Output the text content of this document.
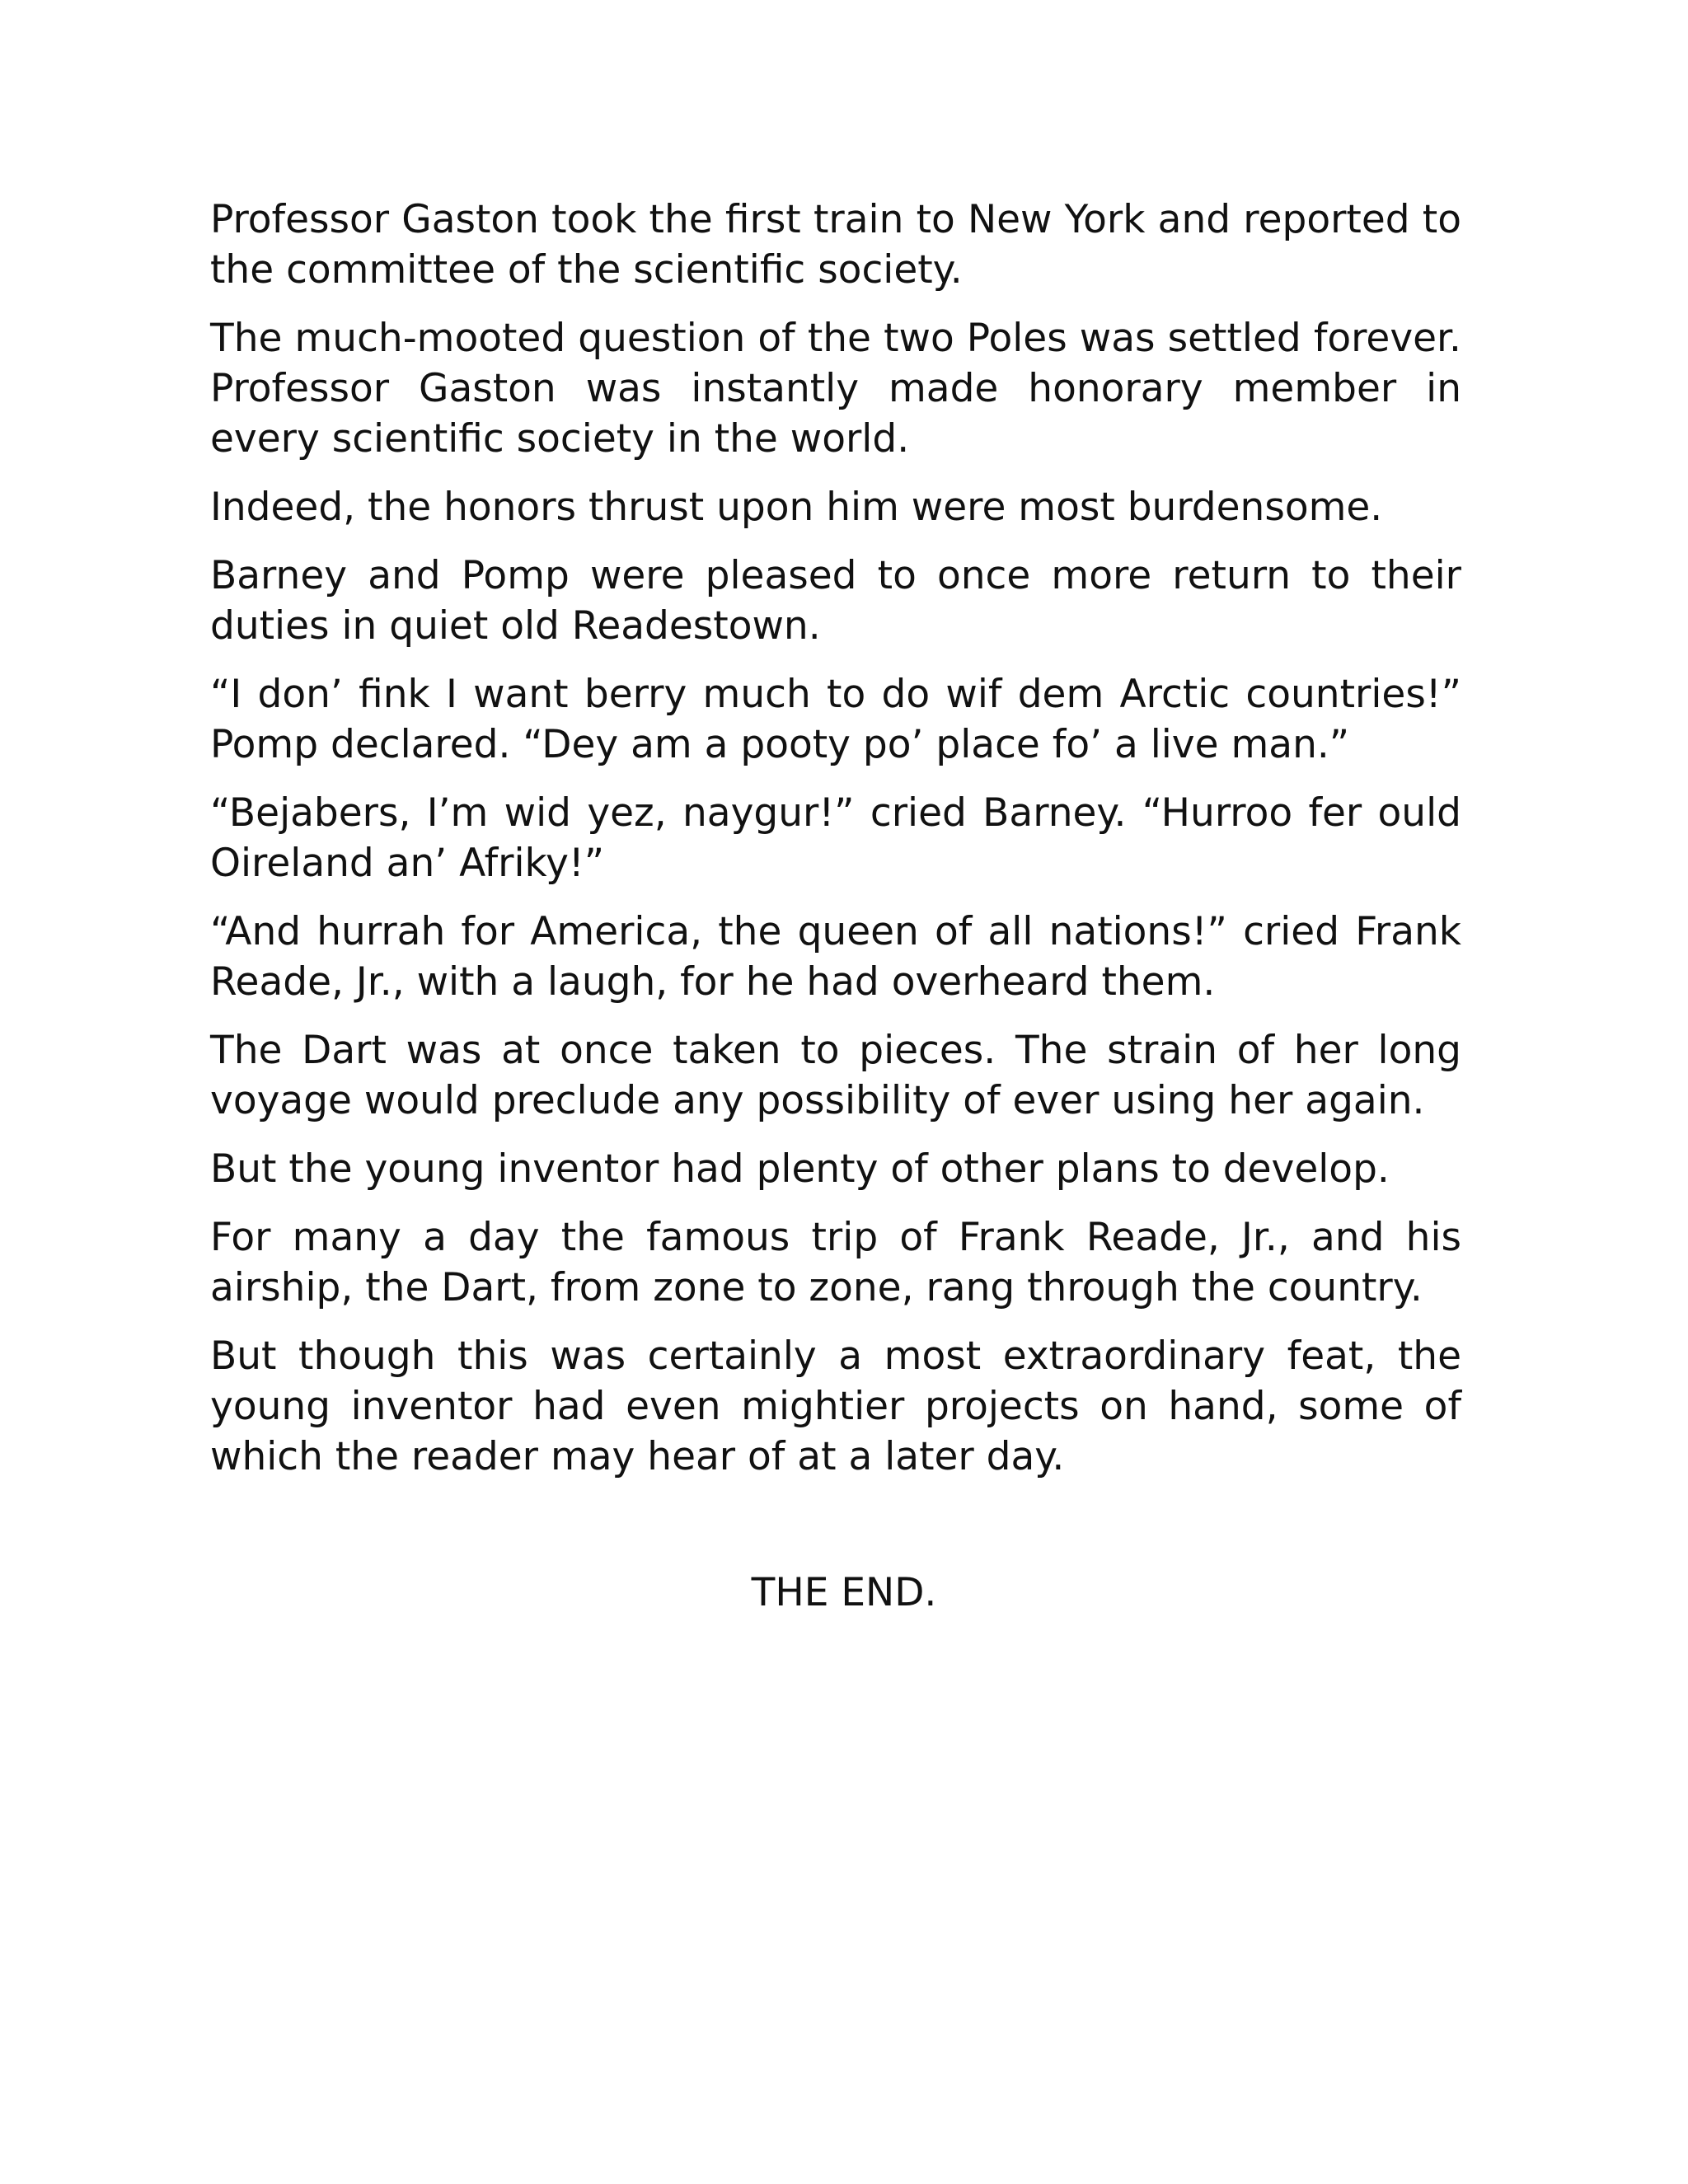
Professor Gaston took the first train to New York and reported to the committee of the scientific society.

The much-mooted question of the two Poles was settled forever. Professor Gaston was instantly made honorary member in every scientific society in the world.

Indeed, the honors thrust upon him were most burdensome.

Barney and Pomp were pleased to once more return to their duties in quiet old Readestown.

“I don’ fink I want berry much to do wif dem Arctic countries!” Pomp declared. “Dey am a pooty po’ place fo’ a live man.”

“Bejabers, I’m wid yez, naygur!” cried Barney. “Hurroo fer ould Oireland an’ Afriky!”

“And hurrah for America, the queen of all nations!” cried Frank Reade, Jr., with a laugh, for he had overheard them.

The Dart was at once taken to pieces. The strain of her long voyage would preclude any possibility of ever using her again.

But the young inventor had plenty of other plans to develop.

For many a day the famous trip of Frank Reade, Jr., and his airship, the Dart, from zone to zone, rang through the country.

But though this was certainly a most extraordinary feat, the young inventor had even mightier projects on hand, some of which the reader may hear of at a later day.

THE END.
